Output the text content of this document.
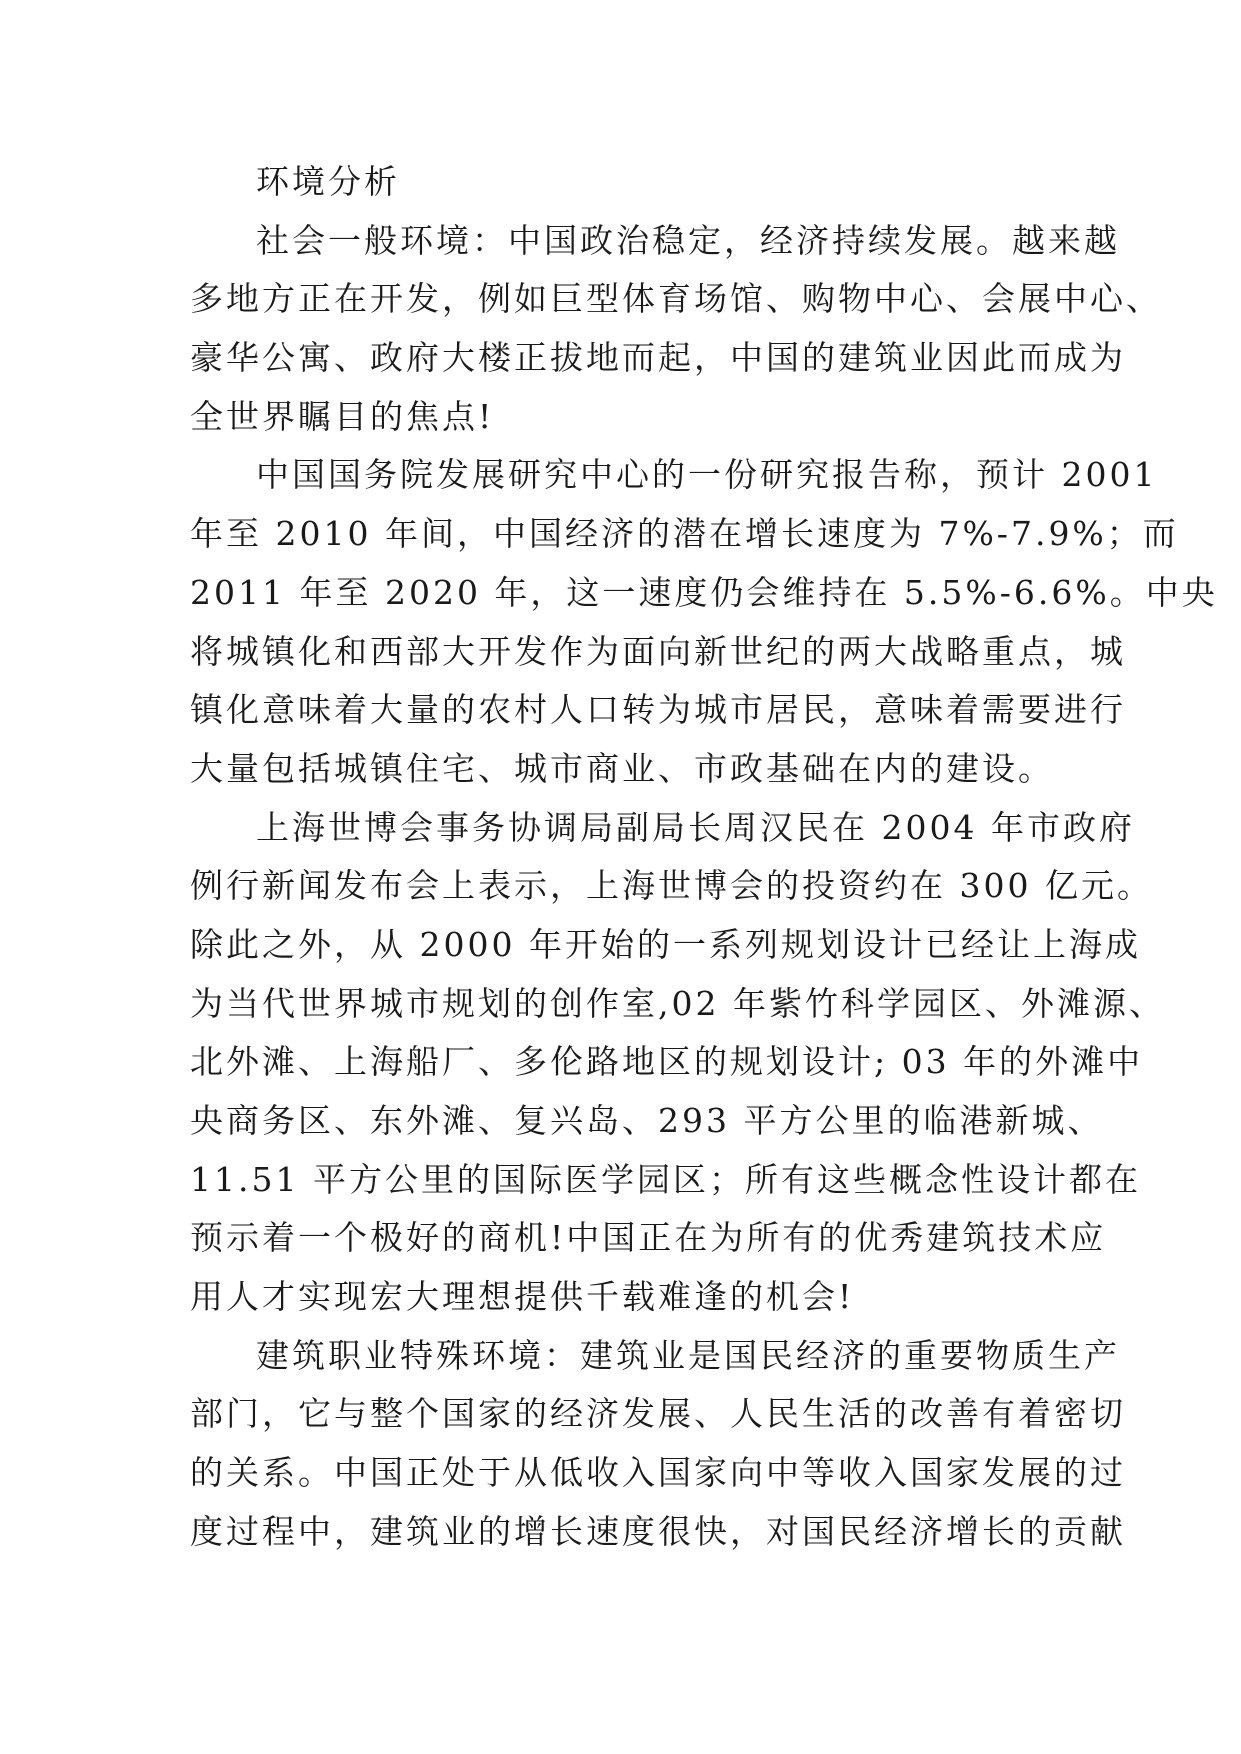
环境分析
社会一般环境：中国政治稳定，经济持续发展。越来越
多地方正在开发，例如巨型体育场馆、购物中心、会展中心、
豪华公寓、政府大楼正拔地而起，中国的建筑业因此而成为
全世界瞩目的焦点!
中国国务院发展研究中心的一份研究报告称，预计 2001
年至 2010 年间，中国经济的潜在增长速度为 7%-7.9%；而
2011 年至 2020 年，这一速度仍会维持在 5.5%-6.6%。中央
将城镇化和西部大开发作为面向新世纪的两大战略重点，城
镇化意味着大量的农村人口转为城市居民，意味着需要进行
大量包括城镇住宅、城市商业、市政基础在内的建设。
上海世博会事务协调局副局长周汉民在 2004 年市政府
例行新闻发布会上表示，上海世博会的投资约在 300 亿元。
除此之外，从 2000 年开始的一系列规划设计已经让上海成
为当代世界城市规划的创作室,02 年紫竹科学园区、外滩源、
北外滩、上海船厂、多伦路地区的规划设计; 03 年的外滩中
央商务区、东外滩、复兴岛、293 平方公里的临港新城、
11.51 平方公里的国际医学园区；所有这些概念性设计都在
预示着一个极好的商机!中国正在为所有的优秀建筑技术应
用人才实现宏大理想提供千载难逢的机会!
建筑职业特殊环境：建筑业是国民经济的重要物质生产
部门，它与整个国家的经济发展、人民生活的改善有着密切
的关系。中国正处于从低收入国家向中等收入国家发展的过
度过程中，建筑业的增长速度很快，对国民经济增长的贡献
